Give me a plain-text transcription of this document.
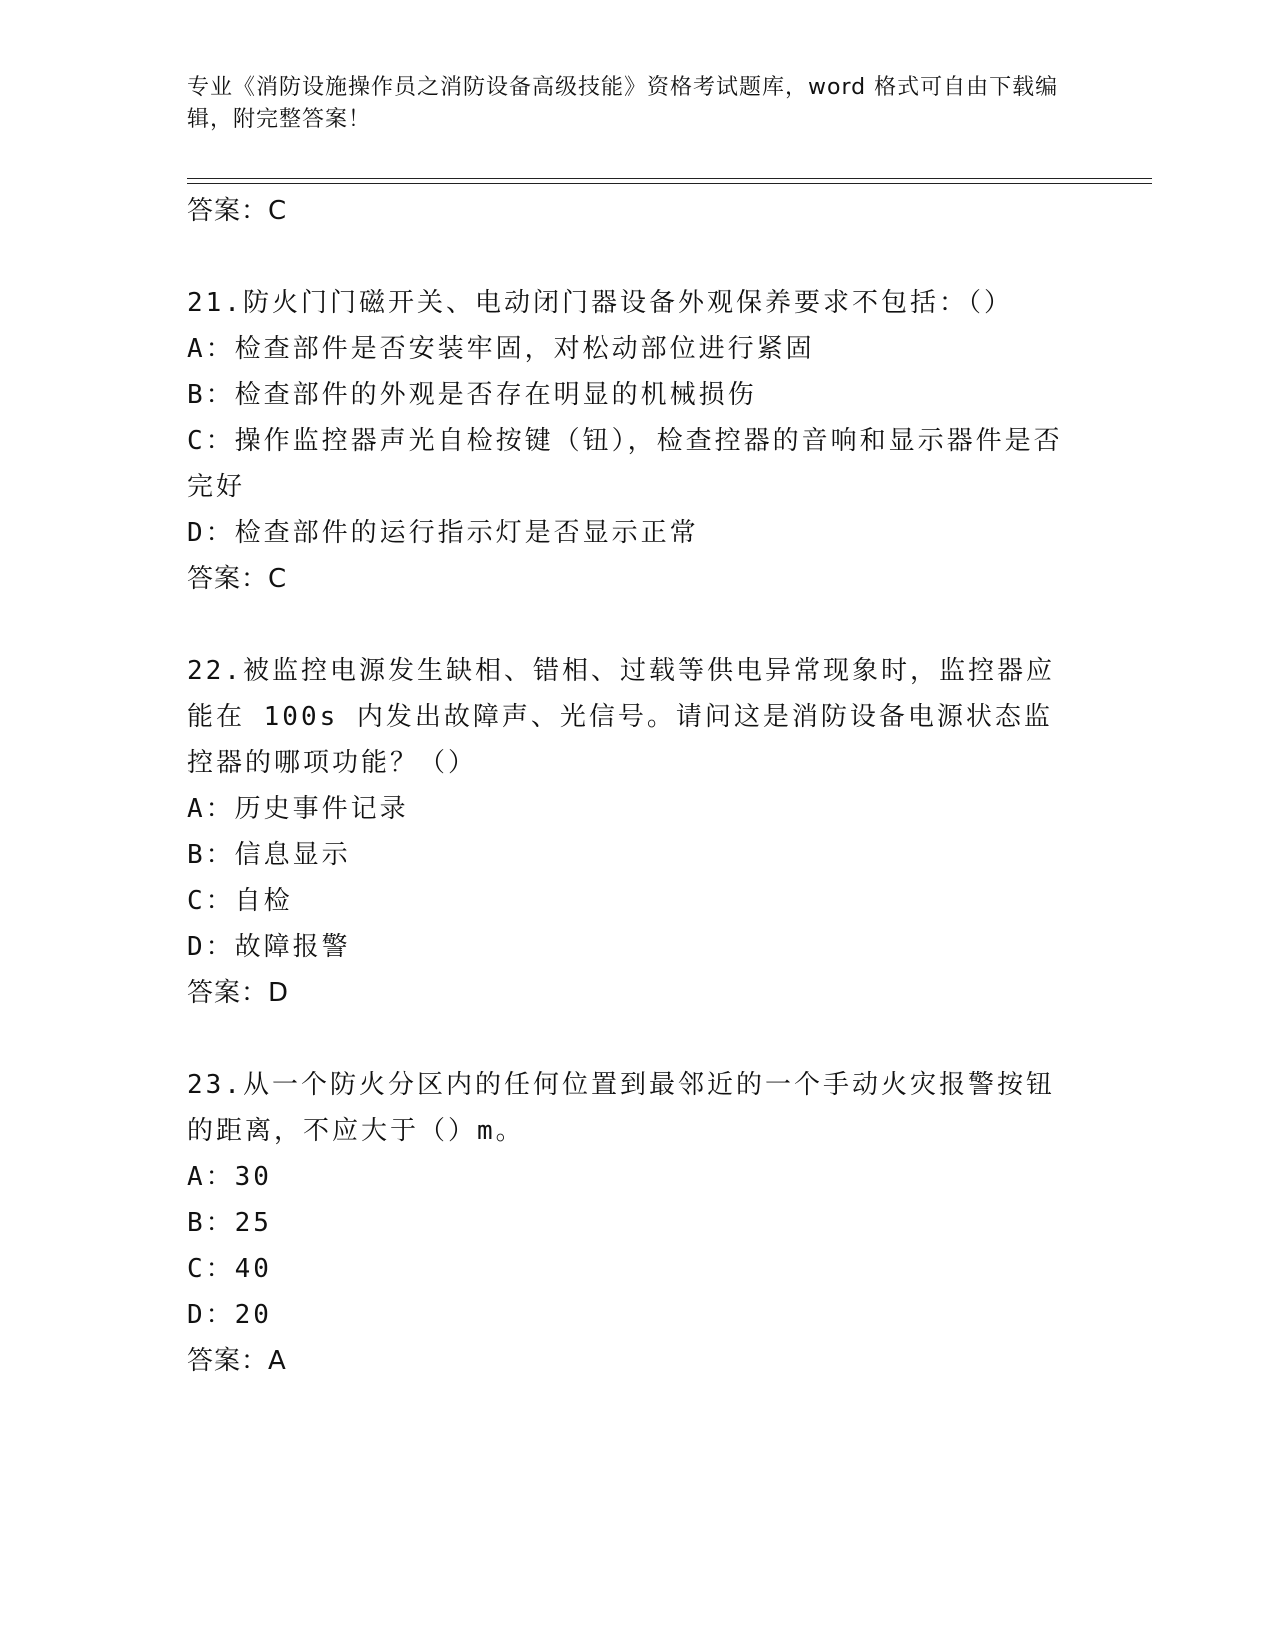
专业《消防设施操作员之消防设备高级技能》资格考试题库，word 格式可自由下载编辑，附完整答案！

答案：C

21.防火门门磁开关、电动闭门器设备外观保养要求不包括：（）

A：检查部件是否安装牢固，对松动部位进行紧固

B：检查部件的外观是否存在明显的机械损伤

C：操作监控器声光自检按键（钮），检查控器的音响和显示器件是否完好

D：检查部件的运行指示灯是否显示正常

答案：C

22.被监控电源发生缺相、错相、过载等供电异常现象时，监控器应能在 100s 内发出故障声、光信号。请问这是消防设备电源状态监控器的哪项功能？（）

A：历史事件记录

B：信息显示

C：自检

D：故障报警

答案：D

23.从一个防火分区内的任何位置到最邻近的一个手动火灾报警按钮的距离，不应大于（）m。

A：30

B：25

C：40

D：20

答案：A
